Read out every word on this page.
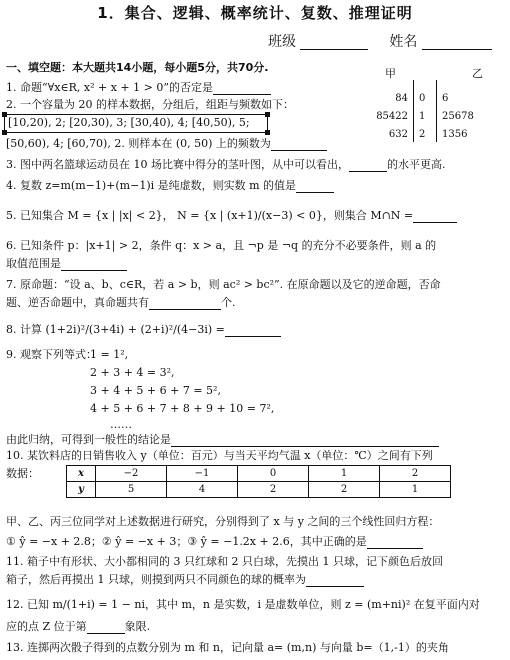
1．集合、逻辑、概率统计、复数、推理证明
班级	姓名
一、填空题：本大题共14小题，每小题5分，共70分.	甲	乙
84 0 6
85422 1 25678
632 2 1356
1. 命题“∀x∈R, x² + x + 1 > 0”的否定是
2. 一个容量为 20 的样本数据，分组后，组距与频数如下：
[10,20), 2; [20,30), 3; [30,40), 4; [40,50), 5;
[50,60), 4; [60,70), 2. 则样本在 (0, 50) 上的频数为
3. 图中两名篮球运动员在 10 场比赛中得分的茎叶图，从中可以看出，	的水平更高.
4. 复数 z=m(m−1)+(m−1)i 是纯虚数，则实数 m 的值是
5. 已知集合 M = {x | |x| < 2}， N = {x | (x+1)/(x−3) < 0}，则集合 M∩N =
6. 已知条件 p：|x+1| > 2，条件 q：x > a，且 ¬p 是 ¬q 的充分不必要条件，则 a 的
取值范围是
7. 原命题：“设 a、b、c∈R，若 a > b，则 ac² > bc²”. 在原命题以及它的逆命题，否命
题、逆否命题中，真命题共有	个.
8. 计算 (1+2i)²/(3+4i) + (2+i)²/(4−3i) =
9. 观察下列等式：
1 = 1²,
2 + 3 + 4 = 3²,
3 + 4 + 5 + 6 + 7 = 5²,
4 + 5 + 6 + 7 + 8 + 9 + 10 = 7²,
……
由此归纳，可得到一般性的结论是
10. 某饮料店的日销售收入 y（单位：百元）与当天平均气温 x（单位：℃）之间有下列
数据：	x	−2	−1	0	1	2
y	5	4	2	2	1
甲、乙、丙三位同学对上述数据进行研究，分别得到了 x 与 y 之间的三个线性回归方程：
① ŷ = −x + 2.8；② ŷ = −x + 3；③ ŷ = −1.2x + 2.6，其中正确的是
11. 箱子中有形状、大小都相同的 3 只红球和 2 只白球，先摸出 1 只球，记下颜色后放回
箱子，然后再摸出 1 只球，则摸到两只不同颜色的球的概率为
12. 已知 m/(1+i) = 1 − ni，其中 m，n 是实数，i 是虚数单位，则 z = (m+ni)² 在复平面内对
应的点 Z 位于第	象限.
13. 连掷两次骰子得到的点数分别为 m 和 n，记向量 a= (m,n) 与向量 b=（1,-1）的夹角
